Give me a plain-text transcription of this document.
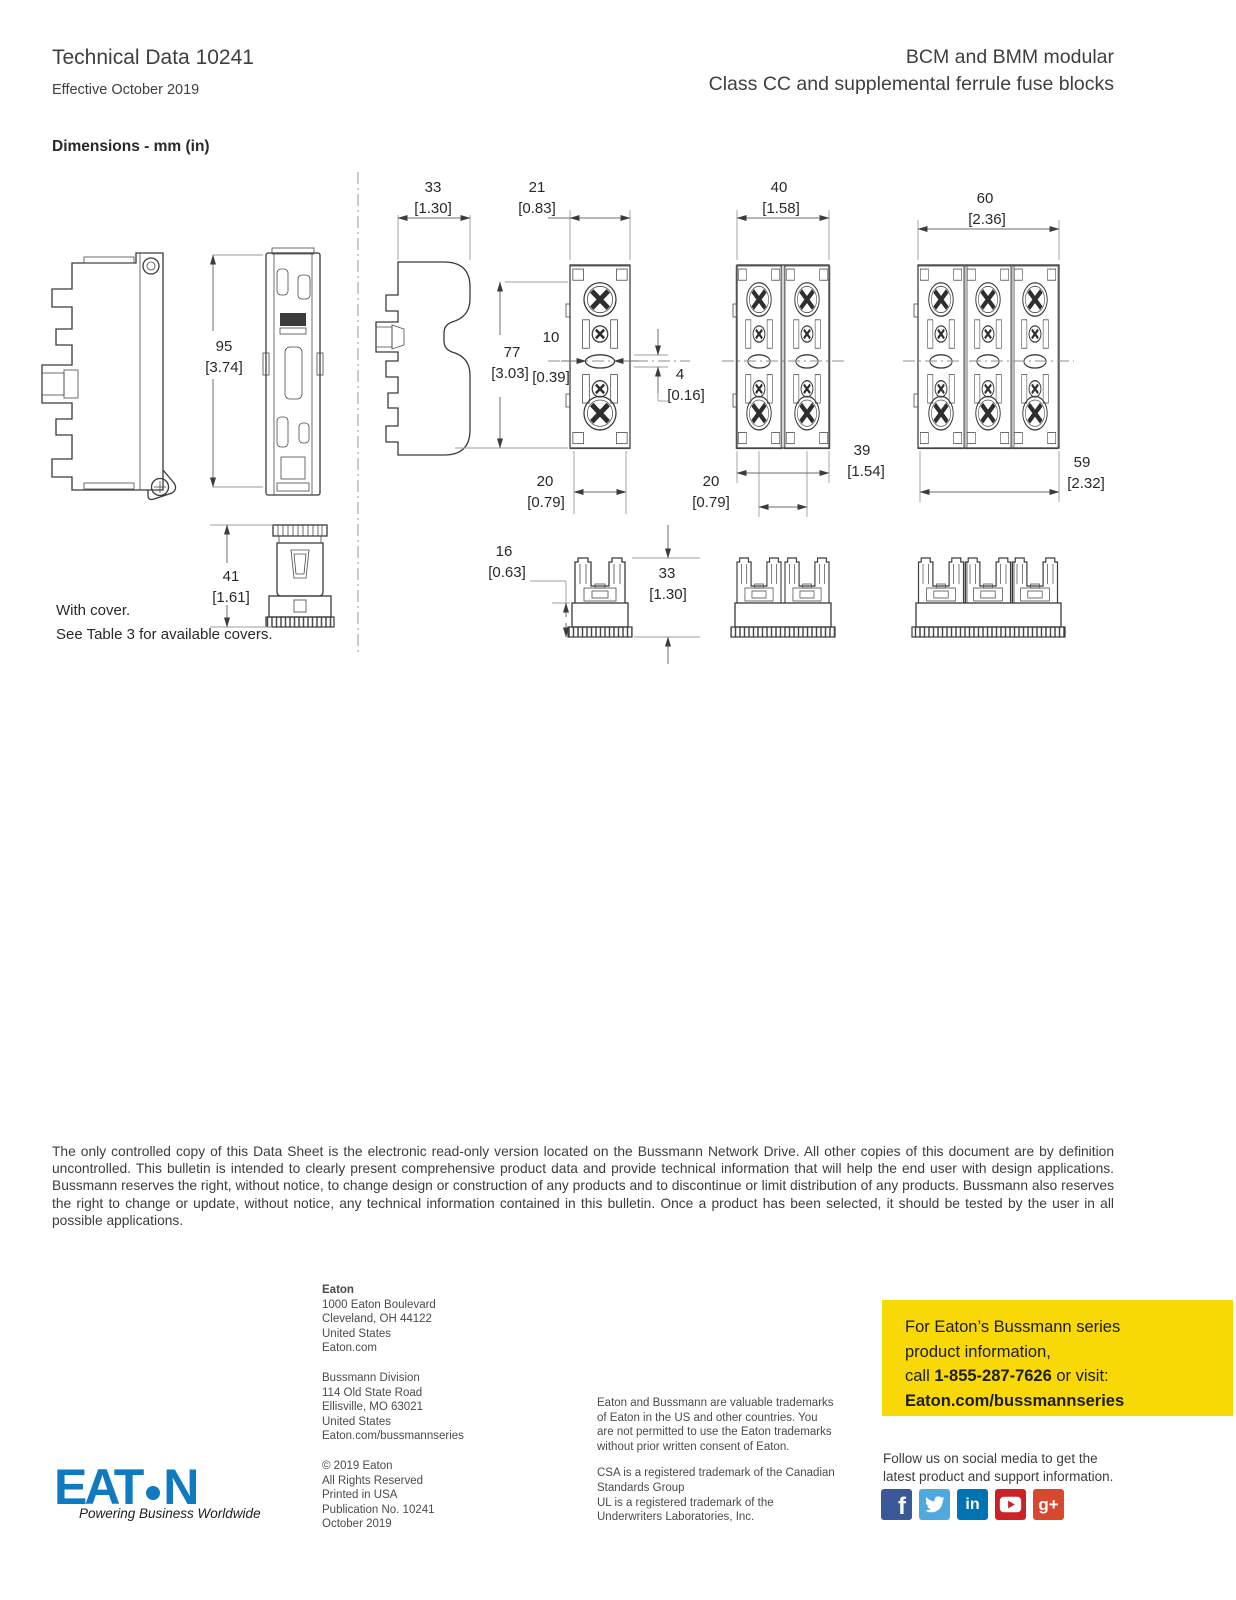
Technical Data 10241
Effective October 2019
BCM and BMM modular
Class CC and supplemental ferrule fuse blocks
Dimensions - mm (in)
95
[3.74]
41
[1.61]
33
[1.30]
21
[0.83]
77
[3.03]
10
[0.39]	4
[0.16]
20
[0.79]
16
[0.63]	33
[1.30]
40
[1.58]
39
[1.54]
20
[0.79]
60
[2.36]
59
[2.32]
With cover.
See Table 3 for available covers.
The only controlled copy of this Data Sheet is the electronic read-only version located on the Bussmann Network Drive. All other copies of this document are by definition uncontrolled. This bulletin is intended to clearly present comprehensive product data and provide technical information that will help the end user with design applications. Bussmann reserves the right, without notice, to change design or construction of any products and to discontinue or limit distribution of any products. Bussmann also reserves the right to change or update, without notice, any technical information contained in this bulletin. Once a product has been selected, it should be tested by the user in all possible applications.
Eaton
1000 Eaton Boulevard
Cleveland, OH 44122
United States
Eaton.com
Bussmann Division
114 Old State Road
Ellisville, MO 63021
United States
Eaton.com/bussmannseries
© 2019 Eaton
All Rights Reserved
Printed in USA
Publication No. 10241
October 2019
Eaton and Bussmann are valuable trademarks
of Eaton in the US and other countries. You
are not permitted to use the Eaton trademarks
without prior written consent of Eaton.
CSA is a registered trademark of the Canadian
Standards Group
UL is a registered trademark of the
Underwriters Laboratories, Inc.
For Eaton’s Bussmann series
product information,
call 1-855-287-7626 or visit:
Eaton.com/bussmannseries
Follow us on social media to get the
latest product and support information.
f	in	g+
EAT N
Powering Business Worldwide
